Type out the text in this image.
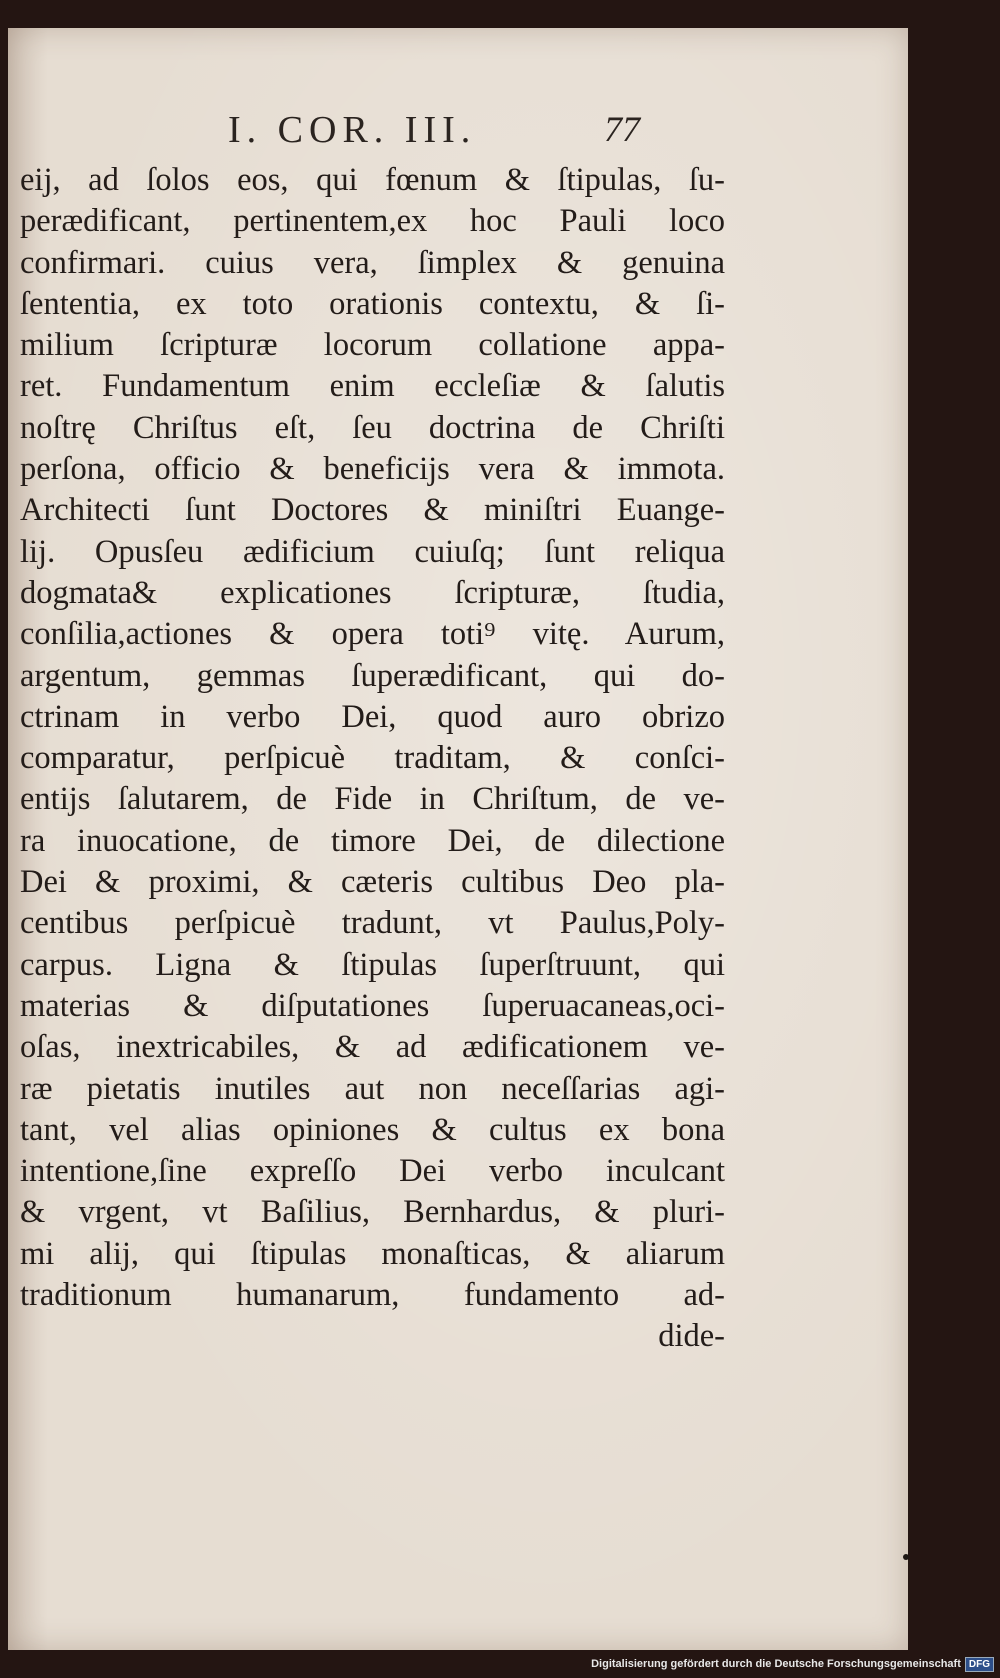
I. COR. III.	77
eij, ad ſolos eos, qui fœnum & ſtipulas, ſu-
perædificant, pertinentem,ex hoc Pauli loco
confirmari. cuius vera, ſimplex & genuina
ſententia, ex toto orationis contextu, & ſi-
milium ſcripturæ locorum collatione appa-
ret. Fundamentum enim eccleſiæ & ſalutis
noſtrę Chriſtus eſt, ſeu doctrina de Chriſti
perſona, officio & beneficijs vera & immota.
Architecti ſunt Doctores & miniſtri Euange-
lij. Opusſeu ædificium cuiuſq; ſunt reliqua
dogmata& explicationes ſcripturæ, ſtudia,
conſilia,actiones & opera toti⁹ vitę. Aurum,
argentum, gemmas ſuperædificant, qui do-
ctrinam in verbo Dei, quod auro obrizo
comparatur, perſpicuè traditam, & conſci-
entijs ſalutarem, de Fide in Chriſtum, de ve-
ra inuocatione, de timore Dei, de dilectione
Dei & proximi, & cæteris cultibus Deo pla-
centibus perſpicuè tradunt, vt Paulus,Poly-
carpus. Ligna & ſtipulas ſuperſtruunt, qui
materias & diſputationes ſuperuacaneas,oci-
oſas, inextricabiles, & ad ædificationem ve-
ræ pietatis inutiles aut non neceſſarias agi-
tant, vel alias opiniones & cultus ex bona
intentione,ſine expreſſo Dei verbo inculcant
& vrgent, vt Baſilius, Bernhardus, & pluri-
mi alij, qui ſtipulas monaſticas, & aliarum
traditionum humanarum, fundamento ad-
dide-
Digitalisierung gefördert durch die Deutsche Forschungsgemeinschaft DFG
